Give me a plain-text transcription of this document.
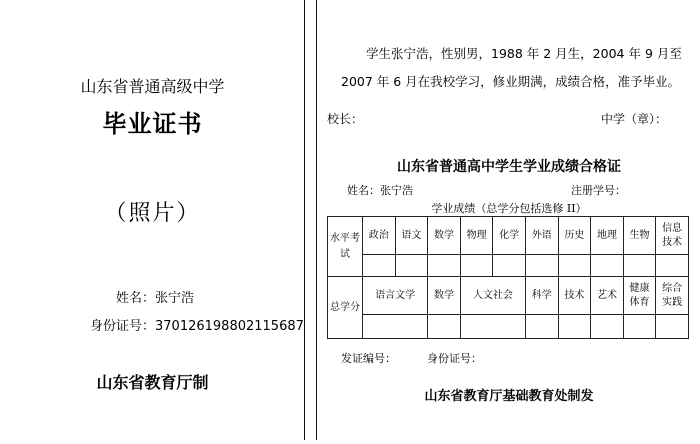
山东省普通高级中学
毕业证书
（照片）
姓名：张宁浩
身份证号：370126198802115687
山东省教育厅制
学生张宁浩，性别男，1988 年 2 月生，2004 年 9 月至 2007 年 6 月在我校学习，修业期满，成绩合格，准予毕业。
校长：	中学（章）：
山东省普通高中学生学业成绩合格证
姓名：张宁浩	注册学号：
学业成绩（总学分包括选修 II）
水平考试	政治	语文	数学	物理	化学	外语	历史	地理	生物	信息技术

总学分	语言文学		数学	人文社会		科学	技术	艺术	健康体育	综合实践

发证编号：	身份证号：
山东省教育厅基础教育处制发
